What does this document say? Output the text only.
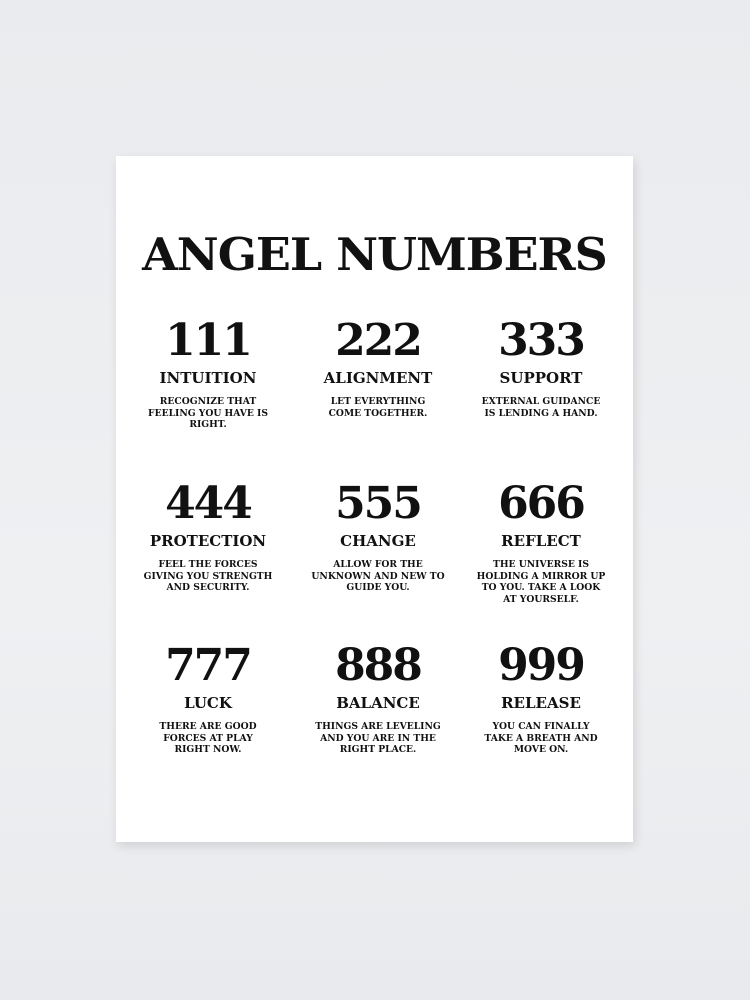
ANGEL NUMBERS
111
INTUITION
RECOGNIZE THAT
FEELING YOU HAVE IS
RIGHT.
222
ALIGNMENT
LET EVERYTHING
COME TOGETHER.
333
SUPPORT
EXTERNAL GUIDANCE
IS LENDING A HAND.
444
PROTECTION
FEEL THE FORCES
GIVING YOU STRENGTH
AND SECURITY.
555
CHANGE
ALLOW FOR THE
UNKNOWN AND NEW TO
GUIDE YOU.
666
REFLECT
THE UNIVERSE IS
HOLDING A MIRROR UP
TO YOU. TAKE A LOOK
AT YOURSELF.
777
LUCK
THERE ARE GOOD
FORCES AT PLAY
RIGHT NOW.
888
BALANCE
THINGS ARE LEVELING
AND YOU ARE IN THE
RIGHT PLACE.
999
RELEASE
YOU CAN FINALLY
TAKE A BREATH AND
MOVE ON.
